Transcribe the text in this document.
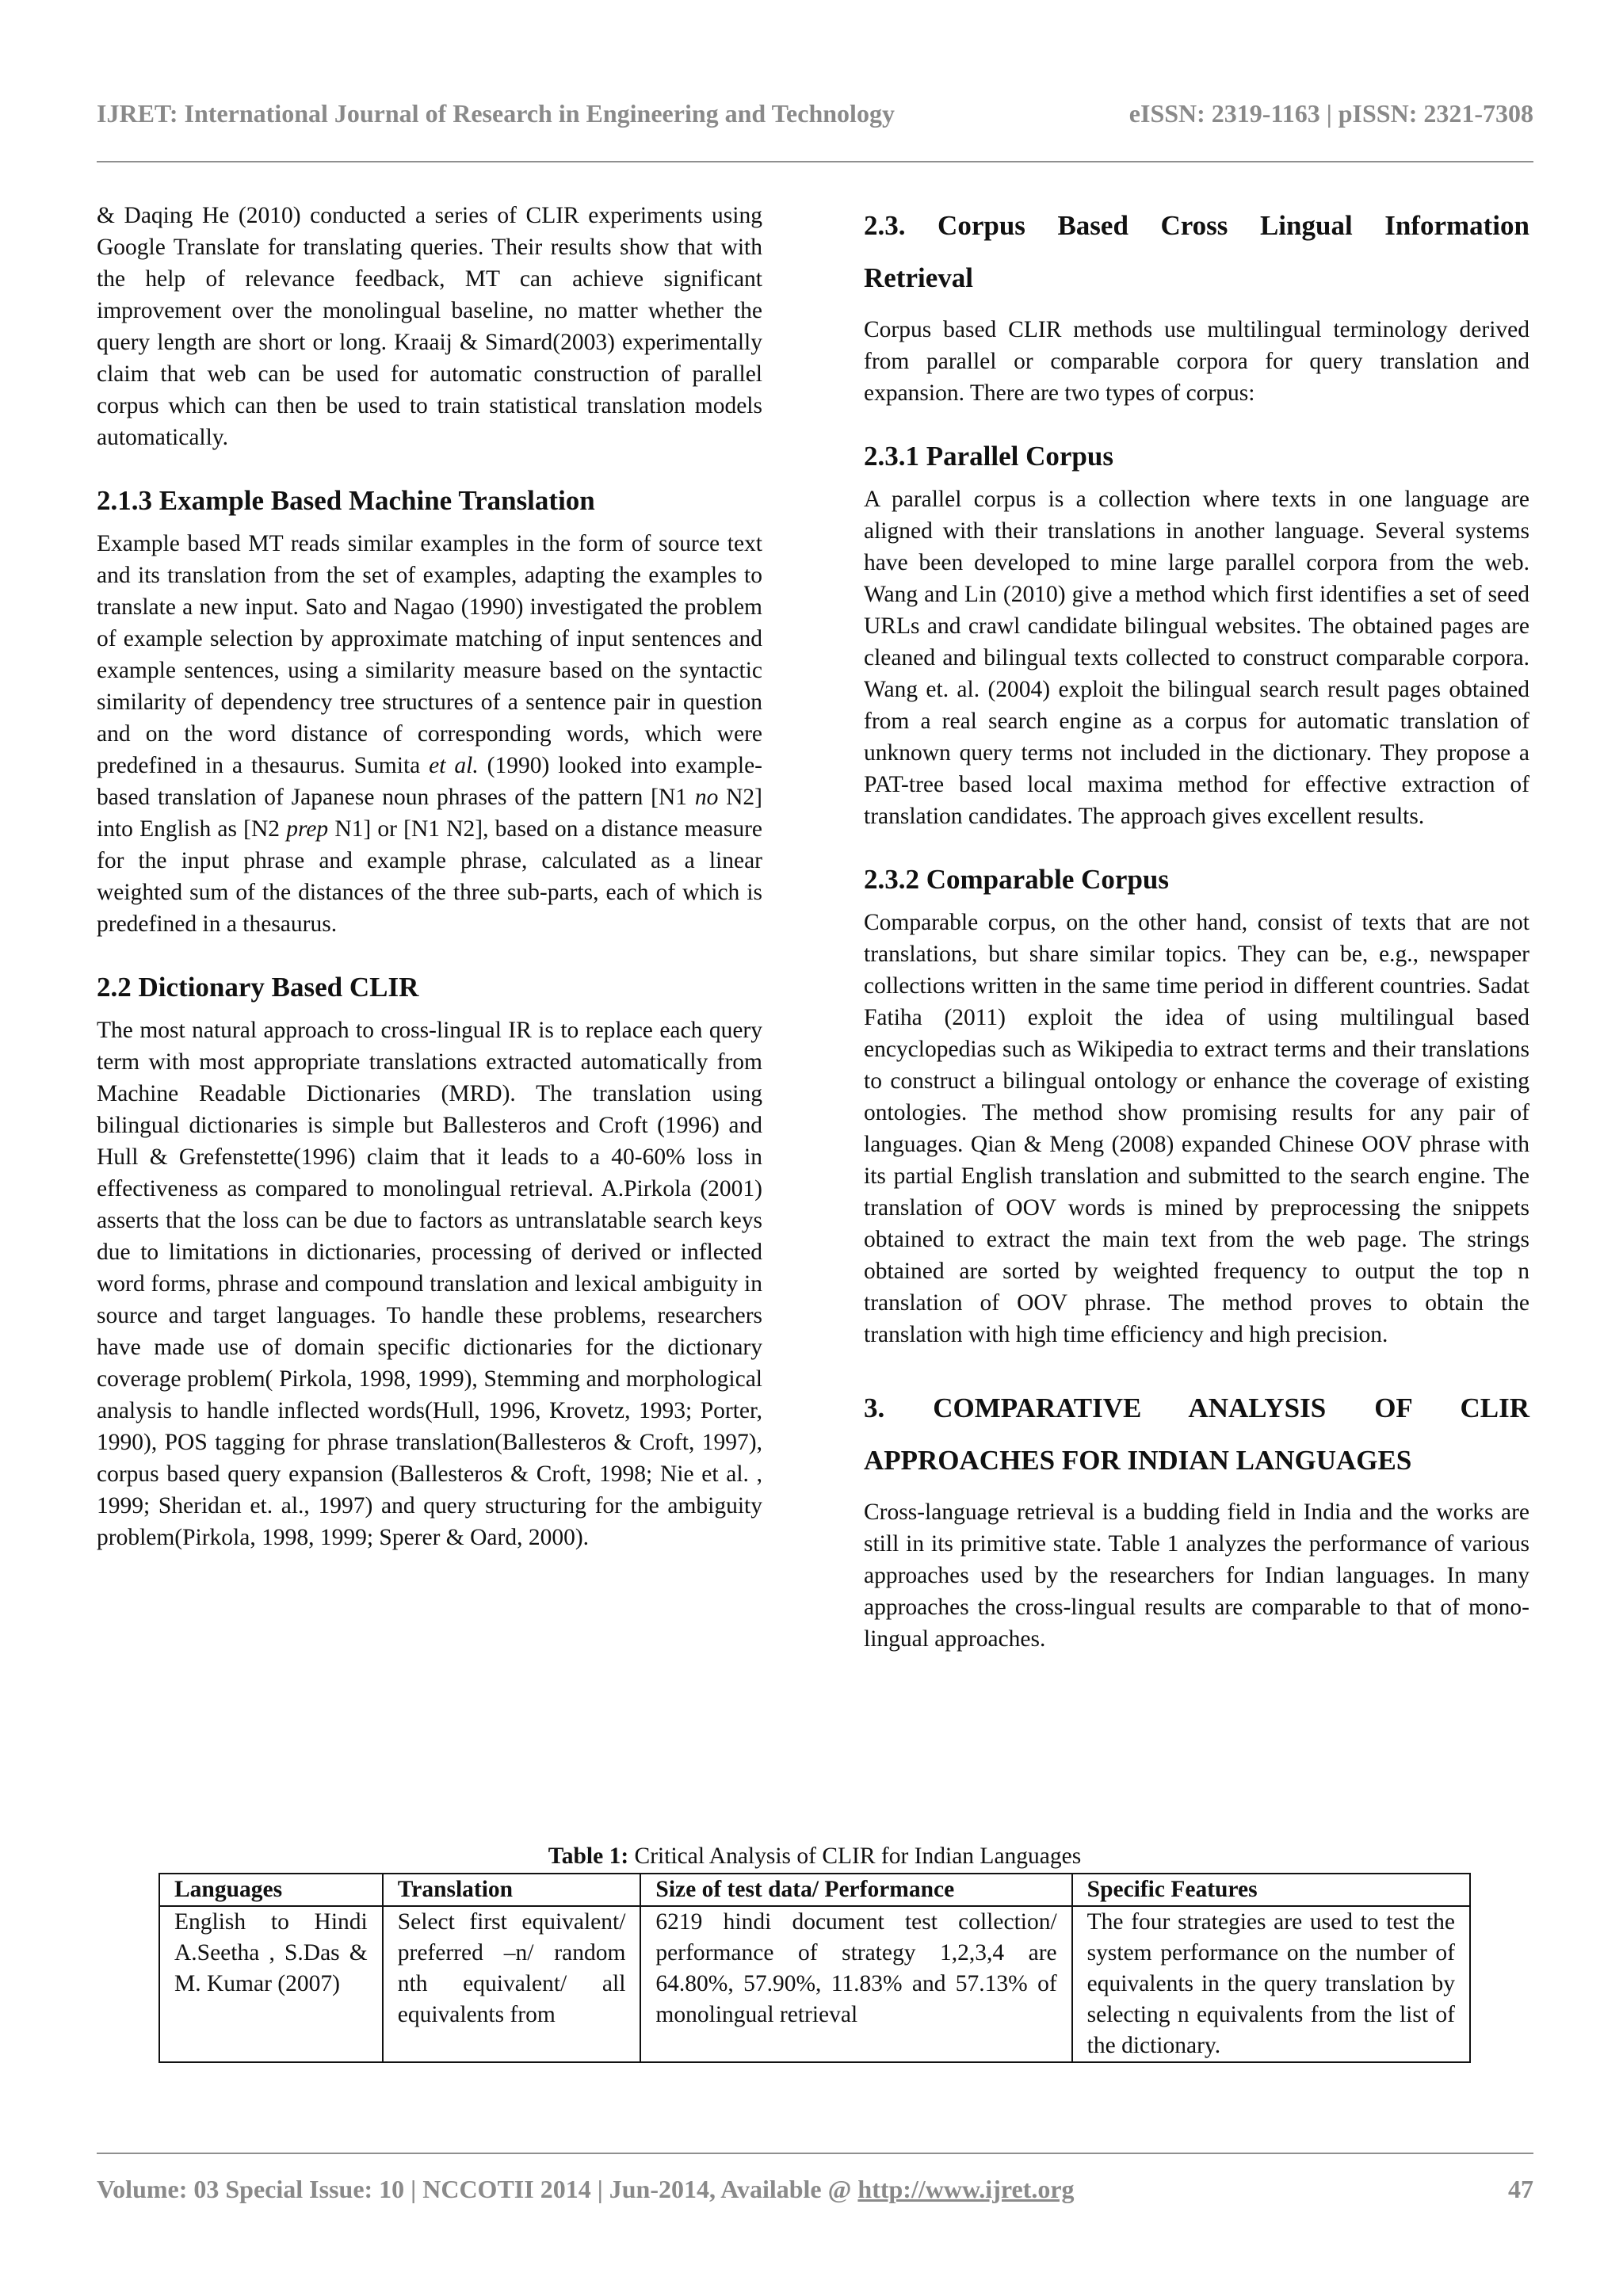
IJRET: International Journal of Research in Engineering and Technology	eISSN: 2319-1163 | pISSN: 2321-7308

& Daqing He (2010) conducted a series of CLIR experiments using Google Translate for translating queries. Their results show that with the help of relevance feedback, MT can achieve significant improvement over the monolingual baseline, no matter whether the query length are short or long. Kraaij & Simard(2003) experimentally claim that web can be used for automatic construction of parallel corpus which can then be used to train statistical translation models automatically.

2.1.3 Example Based Machine Translation

Example based MT reads similar examples in the form of source text and its translation from the set of examples, adapting the examples to translate a new input. Sato and Nagao (1990) investigated the problem of example selection by approximate matching of input sentences and example sentences, using a similarity measure based on the syntactic similarity of dependency tree structures of a sentence pair in question and on the word distance of corresponding words, which were predefined in a thesaurus. Sumita et al. (1990) looked into example-based translation of Japanese noun phrases of the pattern [N1 no N2] into English as [N2 prep N1] or [N1 N2], based on a distance measure for the input phrase and example phrase, calculated as a linear weighted sum of the distances of the three sub-parts, each of which is predefined in a thesaurus.

2.2 Dictionary Based CLIR

The most natural approach to cross-lingual IR is to replace each query term with most appropriate translations extracted automatically from Machine Readable Dictionaries (MRD). The translation using bilingual dictionaries is simple but Ballesteros and Croft (1996) and Hull & Grefenstette(1996) claim that it leads to a 40-60% loss in effectiveness as compared to monolingual retrieval. A.Pirkola (2001) asserts that the loss can be due to factors as untranslatable search keys due to limitations in dictionaries, processing of derived or inflected word forms, phrase and compound translation and lexical ambiguity in source and target languages. To handle these problems, researchers have made use of domain specific dictionaries for the dictionary coverage problem( Pirkola, 1998, 1999), Stemming and morphological analysis to handle inflected words(Hull, 1996, Krovetz, 1993; Porter, 1990), POS tagging for phrase translation(Ballesteros & Croft, 1997), corpus based query expansion (Ballesteros & Croft, 1998; Nie et al. , 1999; Sheridan et. al., 1997) and query structuring for the ambiguity problem(Pirkola, 1998, 1999; Sperer & Oard, 2000).

2.3. Corpus Based Cross Lingual Information
Retrieval

Corpus based CLIR methods use multilingual terminology derived from parallel or comparable corpora for query translation and expansion. There are two types of corpus:

2.3.1 Parallel Corpus

A parallel corpus is a collection where texts in one language are aligned with their translations in another language. Several systems have been developed to mine large parallel corpora from the web. Wang and Lin (2010) give a method which first identifies a set of seed URLs and crawl candidate bilingual websites. The obtained pages are cleaned and bilingual texts collected to construct comparable corpora. Wang et. al. (2004) exploit the bilingual search result pages obtained from a real search engine as a corpus for automatic translation of unknown query terms not included in the dictionary. They propose a PAT-tree based local maxima method for effective extraction of translation candidates. The approach gives excellent results.

2.3.2 Comparable Corpus

Comparable corpus, on the other hand, consist of texts that are not translations, but share similar topics. They can be, e.g., newspaper collections written in the same time period in different countries. Sadat Fatiha (2011) exploit the idea of using multilingual based encyclopedias such as Wikipedia to extract terms and their translations to construct a bilingual ontology or enhance the coverage of existing ontologies. The method show promising results for any pair of languages. Qian & Meng (2008) expanded Chinese OOV phrase with its partial English translation and submitted to the search engine. The translation of OOV words is mined by preprocessing the snippets obtained to extract the main text from the web page. The strings obtained are sorted by weighted frequency to output the top n translation of OOV phrase. The method proves to obtain the translation with high time efficiency and high precision.

3. COMPARATIVE ANALYSIS OF CLIR
APPROACHES FOR INDIAN LANGUAGES

Cross-language retrieval is a budding field in India and the works are still in its primitive state. Table 1 analyzes the performance of various approaches used by the researchers for Indian languages. In many approaches the cross-lingual results are comparable to that of mono-lingual approaches.

Table 1: Critical Analysis of CLIR for Indian Languages
Languages	Translation	Size of test data/ Performance	Specific Features
English to Hindi A.Seetha , S.Das & M. Kumar (2007)	Select first equivalent/ preferred –n/ random nth equivalent/ all equivalents from	6219 hindi document test collection/ performance of strategy 1,2,3,4 are 64.80%, 57.90%, 11.83% and 57.13% of monolingual retrieval	The four strategies are used to test the system performance on the number of equivalents in the query translation by selecting n equivalents from the list of the dictionary.
Volume: 03 Special Issue: 10 | NCCOTII 2014 | Jun-2014, Available @ http://www.ijret.org	47
